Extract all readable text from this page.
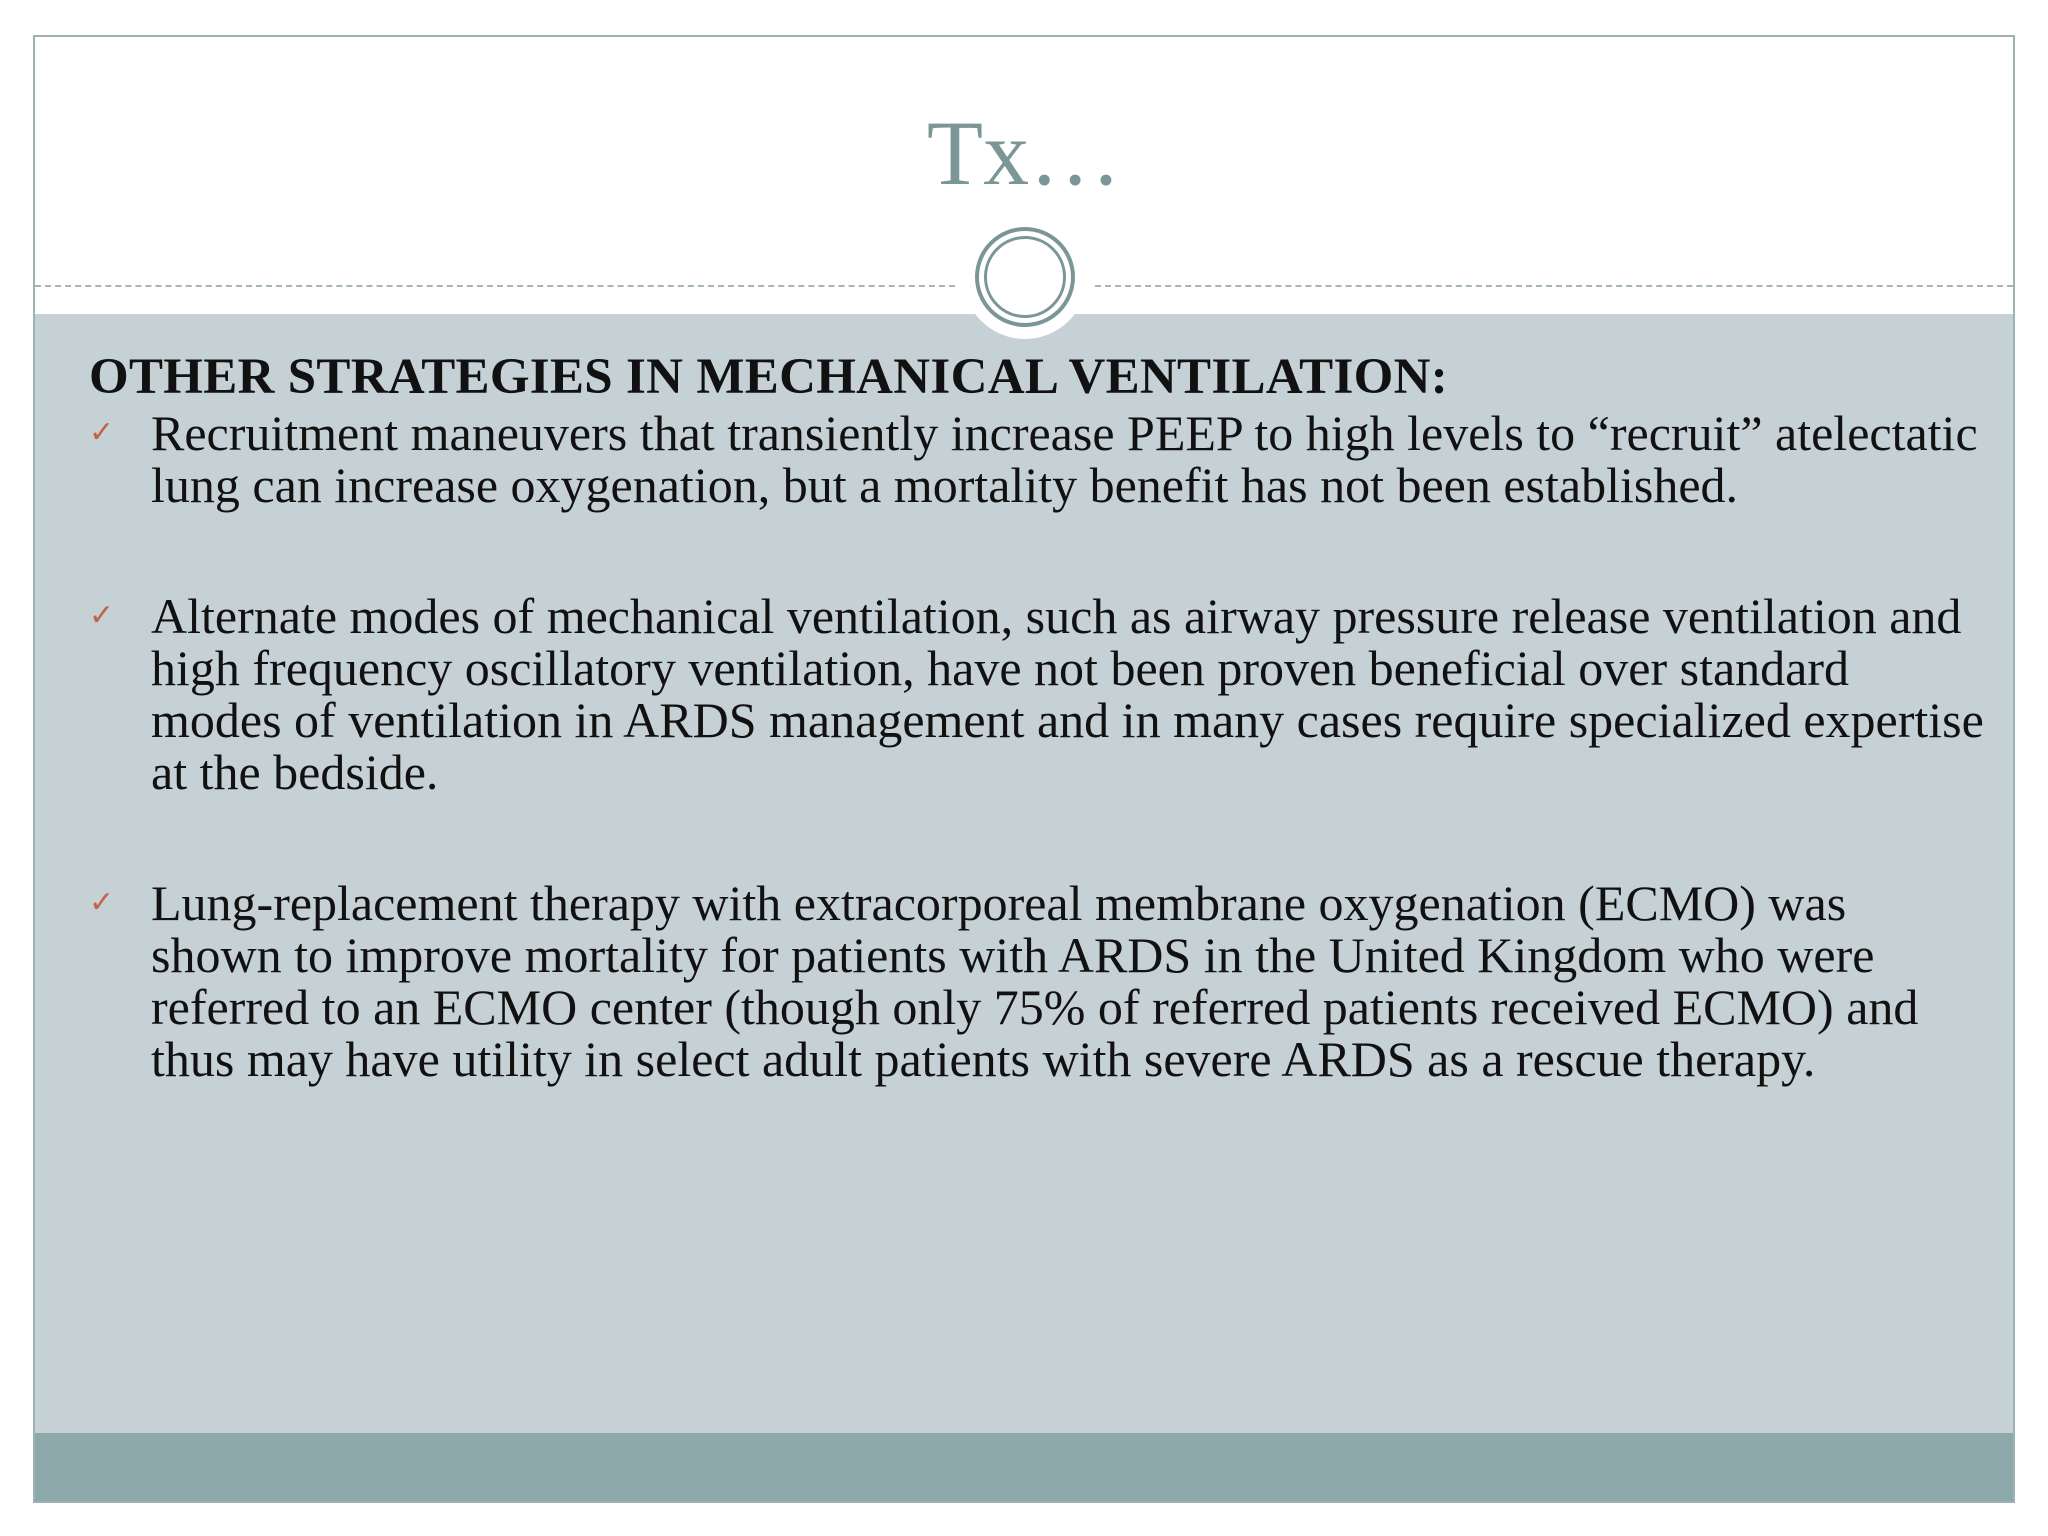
Tx…

OTHER STRATEGIES IN MECHANICAL VENTILATION:

✓ Recruitment maneuvers that transiently increase PEEP to high levels to “recruit” atelectatic lung can increase oxygenation, but a mortality benefit has not been established.

✓ Alternate modes of mechanical ventilation, such as airway pressure release ventilation and high frequency oscillatory ventilation, have not been proven beneficial over standard modes of ventilation in ARDS management and in many cases require specialized expertise at the bedside.

✓ Lung-replacement therapy with extracorporeal membrane oxygenation (ECMO) was shown to improve mortality for patients with ARDS in the United Kingdom who were referred to an ECMO center (though only 75% of referred patients received ECMO) and thus may have utility in select adult patients with severe ARDS as a rescue therapy.
